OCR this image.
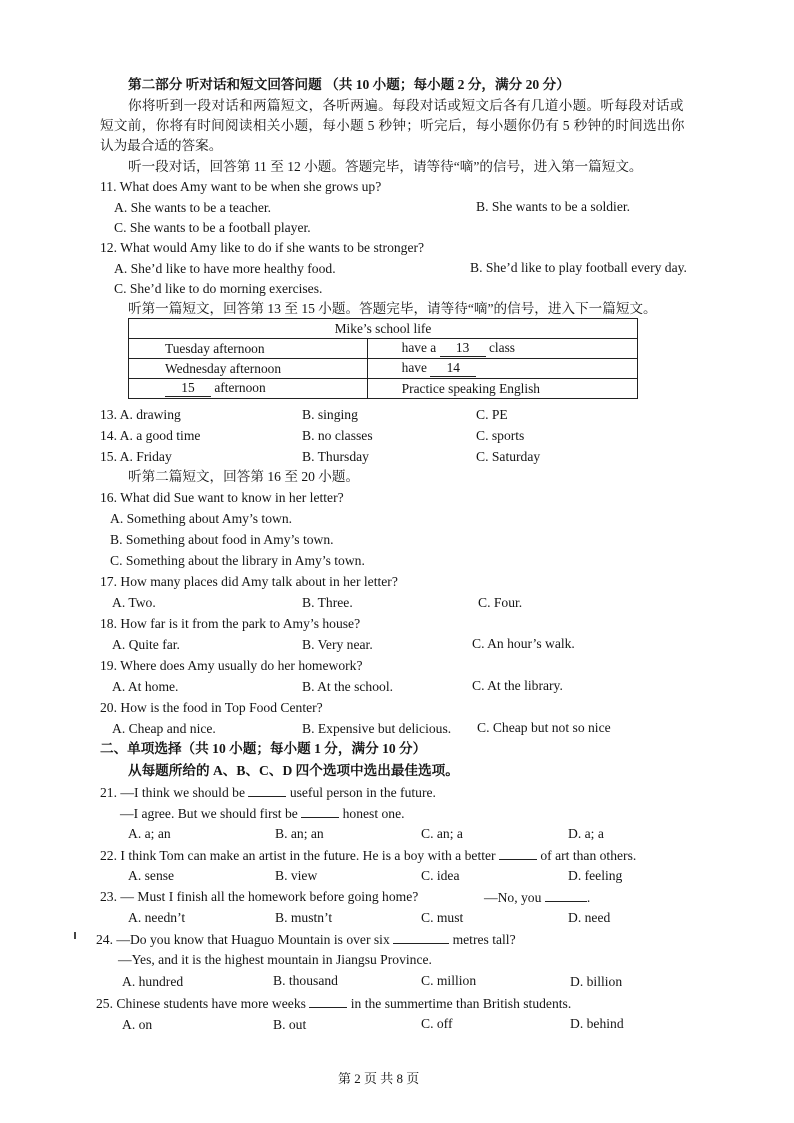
第二部分 听对话和短文回答问题 （共 10 小题；每小题 2 分，满分 20 分）
你将听到一段对话和两篇短文，各听两遍。每段对话或短文后各有几道小题。听每段对话或
短文前，你将有时间阅读相关小题，每小题 5 秒钟；听完后，每小题你仍有 5 秒钟的时间选出你
认为最合适的答案。
听一段对话，回答第 11 至 12 小题。答题完毕，请等待“嘀”的信号，进入第一篇短文。
11. What does Amy want to be when she grows up?
A. She wants to be a teacher.	B. She wants to be a soldier.
C. She wants to be a football player.
12. What would Amy like to do if she wants to be stronger?
A. She’d like to have more healthy food.	B. She’d like to play football every day.
C. She’d like to do morning exercises.
听第一篇短文，回答第 13 至 15 小题。答题完毕，请等待“嘀”的信号，进入下一篇短文。
Mike’s school life	
Tuesday afternoon	have a 13 class
Wednesday afternoon	have 14
15 afternoon	Practice speaking English
13. A. drawing	B. singing	C. PE
14. A. a good time	B. no classes	C. sports
15. A. Friday	B. Thursday	C. Saturday
听第二篇短文，回答第 16 至 20 小题。
16. What did Sue want to know in her letter?
A. Something about Amy’s town.
B. Something about food in Amy’s town.
C. Something about the library in Amy’s town.
17. How many places did Amy talk about in her letter?
A. Two.	B. Three.	C. Four.
18. How far is it from the park to Amy’s house?
A. Quite far.	B. Very near.	C. An hour’s walk.
19. Where does Amy usually do her homework?
A. At home.	B. At the school.	C. At the library.
20. How is the food in Top Food Center?
A. Cheap and nice.	B. Expensive but delicious. C. Cheap but not so nice
二、单项选择（共 10 小题；每小题 1 分，满分 10 分）
从每题所给的 A、B、C、D 四个选项中选出最佳选项。
21. —I think we should be	useful person in the future.
—I agree. But we should first be	honest one.
A. a; an	B. an; an	C. an; a	D. a; a
22. I think Tom can make an artist in the future. He is a boy with a better	of art than others.
A. sense	B. view	C. idea	D. feeling
23. — Must I finish all the homework before going home?	—No, you	.
A. needn’t	B. mustn’t	C. must	D. need
24. —Do you know that Huaguo Mountain is over six	metres tall?
—Yes, and it is the highest mountain in Jiangsu Province.
A. hundred	B. thousand	C. million	D. billion
25. Chinese students have more weeks	in the summertime than British students.
A. on	B. out	C. off	D. behind
第 2 页 共 8 页
